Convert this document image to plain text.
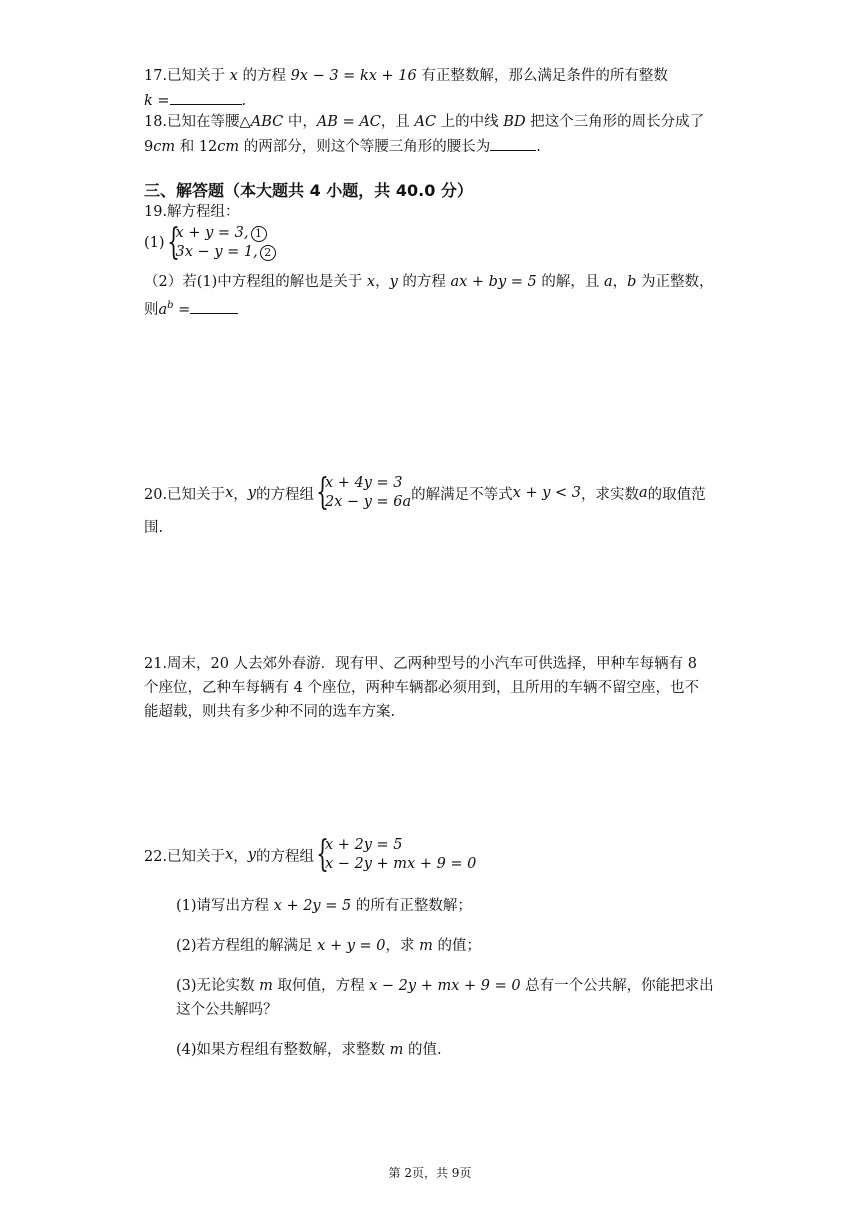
17.已知关于 x 的方程 9x − 3 = kx + 16 有正整数解，那么满足条件的所有整数
k =	.
18.已知在等腰△ABC 中，AB = AC，且 AC 上的中线 BD 把这个三角形的周长分成了
9cm 和 12cm 的两部分，则这个等腰三角形的腰长为	.
三、解答题（本大题共 4 小题，共 40.0 分）
19.解方程组：
(1) {
x + y = 3, 1
3x − y = 1, 2
（2）若(1)中方程组的解也是关于 x，y 的方程 ax + by = 5 的解，且 a，b 为正整数，
则$a^b$ =
20.已知关于 x ， y 的方程组 {
x + 4y = 3
2x − y = 6a 的解满足不等式 x + y < 3 ，求实数 a 的取值范
围.
21.周末，20 人去郊外春游．现有甲、乙两种型号的小汽车可供选择，甲种车每辆有 8
个座位，乙种车每辆有 4 个座位，两种车辆都必须用到，且所用的车辆不留空座，也不
能超载，则共有多少种不同的选车方案.
22.已知关于 x ， y 的方程组 {
x + 2y = 5
x − 2y + mx + 9 = 0
(1)请写出方程 x + 2y = 5 的所有正整数解；
(2)若方程组的解满足 x + y = 0，求 m 的值；
(3)无论实数 m 取何值，方程 x − 2y + mx + 9 = 0 总有一个公共解，你能把求出
这个公共解吗？
(4)如果方程组有整数解，求整数 m 的值.
第 2页，共 9页
